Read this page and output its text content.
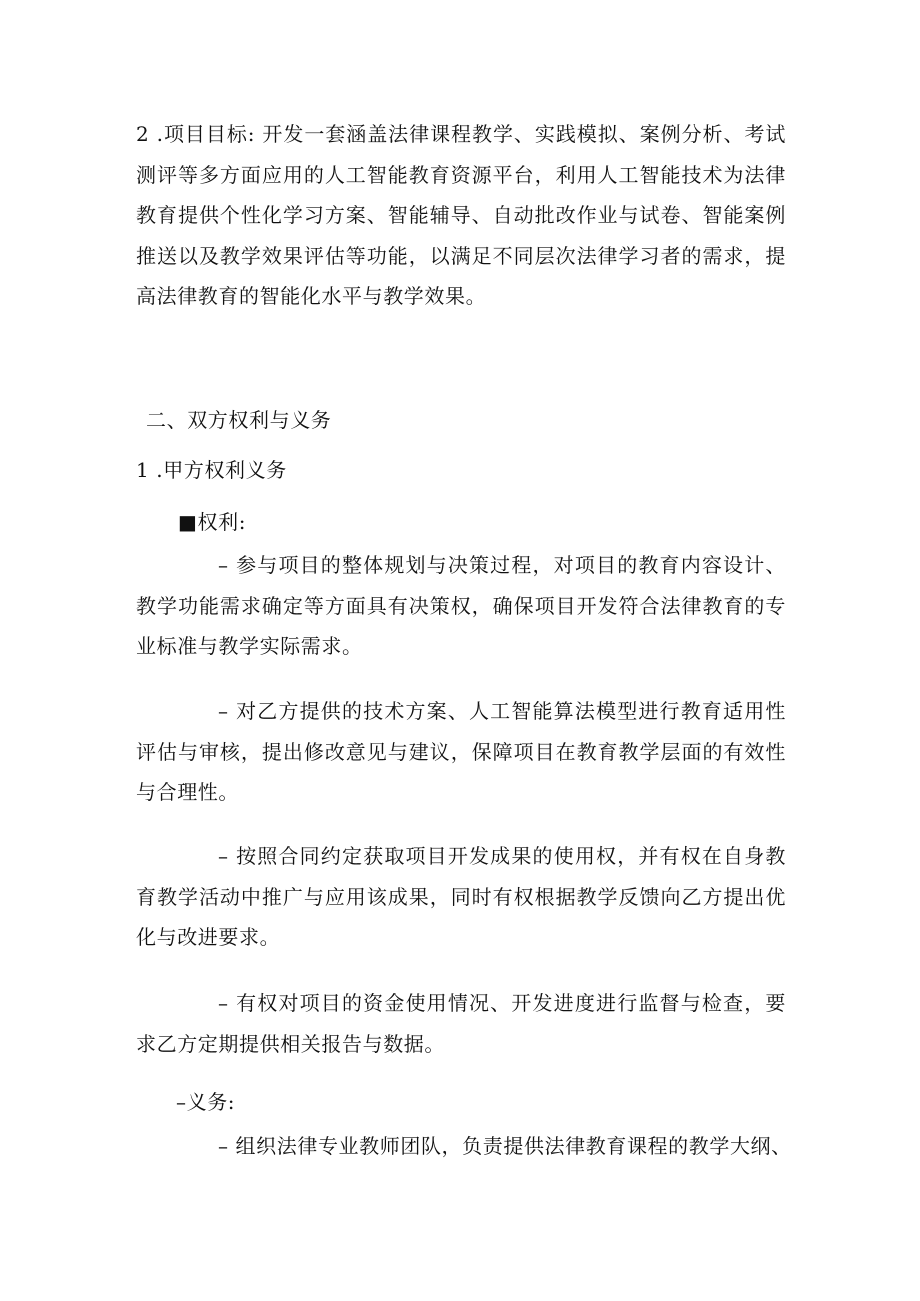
2 .项目目标: 开发一套涵盖法律课程教学、实践模拟、案例分析、考试测评等多方面应用的人工智能教育资源平台，利用人工智能技术为法律教育提供个性化学习方案、智能辅导、自动批改作业与试卷、智能案例推送以及教学效果评估等功能，以满足不同层次法律学习者的需求，提高法律教育的智能化水平与教学效果。
二、双方权利与义务
1 .甲方权利义务
■权利:
– 参与项目的整体规划与决策过程，对项目的教育内容设计、教学功能需求确定等方面具有决策权，确保项目开发符合法律教育的专业标准与教学实际需求。
– 对乙方提供的技术方案、人工智能算法模型进行教育适用性评估与审核，提出修改意见与建议，保障项目在教育教学层面的有效性与合理性。
– 按照合同约定获取项目开发成果的使用权，并有权在自身教育教学活动中推广与应用该成果，同时有权根据教学反馈向乙方提出优化与改进要求。
– 有权对项目的资金使用情况、开发进度进行监督与检查，要求乙方定期提供相关报告与数据。
–义务:
– 组织法律专业教师团队，负责提供法律教育课程的教学大纲、
